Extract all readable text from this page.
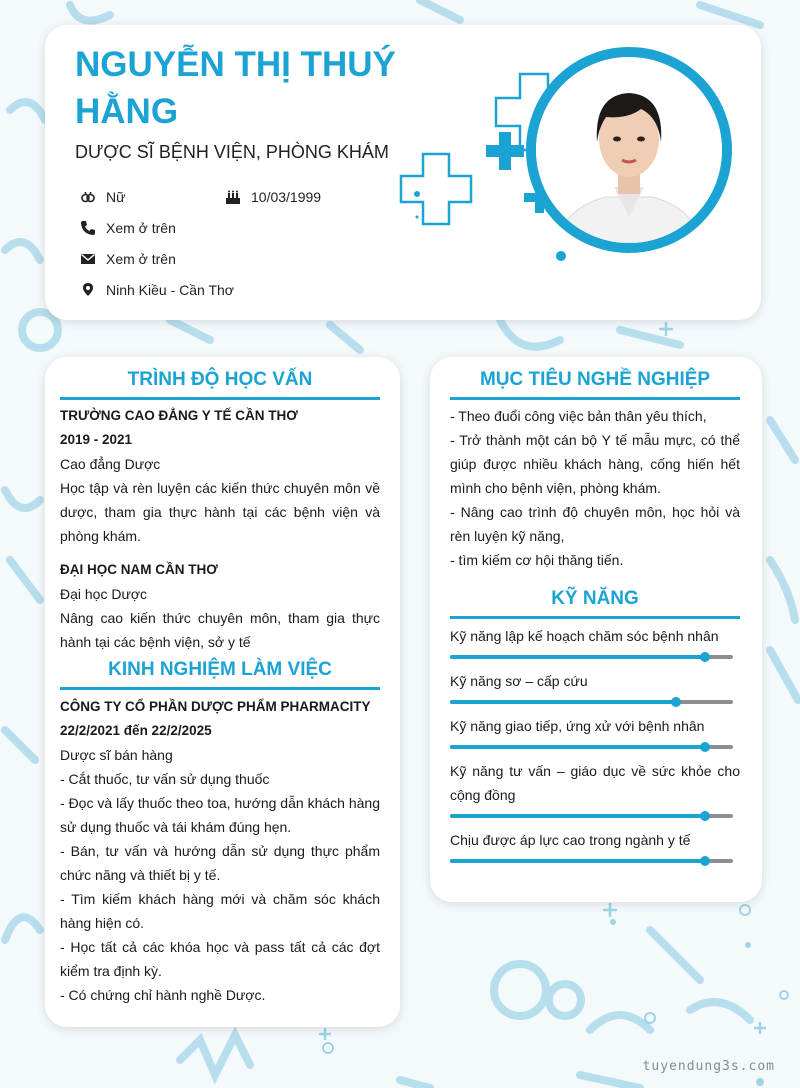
NGUYỄN THỊ THUÝ HẰNG
DƯỢC SĨ BỆNH VIỆN, PHÒNG KHÁM
Nữ	10/03/1999
Xem ở trên
Xem ở trên
Ninh Kiều - Cần Thơ
TRÌNH ĐỘ HỌC VẤN
TRƯỜNG CAO ĐẲNG Y TẾ CẦN THƠ
2019 - 2021
Cao đẳng Dược
Học tập và rèn luyện các kiến thức chuyên môn về dược, tham gia thực hành tại các bệnh viện và phòng khám.
ĐẠI HỌC NAM CẦN THƠ
Đại học Dược
Nâng cao kiến thức chuyên môn, tham gia thực hành tại các bệnh viện, sở y tế
KINH NGHIỆM LÀM VIỆC
CÔNG TY CỔ PHẦN DƯỢC PHẨM PHARMACITY
22/2/2021 đến 22/2/2025
Dược sĩ bán hàng
- Cắt thuốc, tư vấn sử dụng thuốc
- Đọc và lấy thuốc theo toa, hướng dẫn khách hàng sử dụng thuốc và tái khám đúng hẹn.
- Bán, tư vấn và hướng dẫn sử dụng thực phẩm chức năng và thiết bị y tế.
- Tìm kiếm khách hàng mới và chăm sóc khách hàng hiện có.
- Học tất cả các khóa học và pass tất cả các đợt kiểm tra định kỳ.
- Có chứng chỉ hành nghề Dược.
MỤC TIÊU NGHỀ NGHIỆP
- Theo đuổi công việc bản thân yêu thích,
- Trở thành một cán bộ Y tế mẫu mực, có thể giúp được nhiều khách hàng, cống hiến hết mình cho bệnh viện, phòng khám.
- Nâng cao trình độ chuyên môn, học hỏi và rèn luyện kỹ năng,
- tìm kiếm cơ hội thăng tiến.
KỸ NĂNG
Kỹ năng lập kế hoạch chăm sóc bệnh nhân
Kỹ năng sơ – cấp cứu
Kỹ năng giao tiếp, ứng xử với bệnh nhân
Kỹ năng tư vấn – giáo dục về sức khỏe cho cộng đồng
Chịu được áp lực cao trong ngành y tế
tuyendung3s.com
